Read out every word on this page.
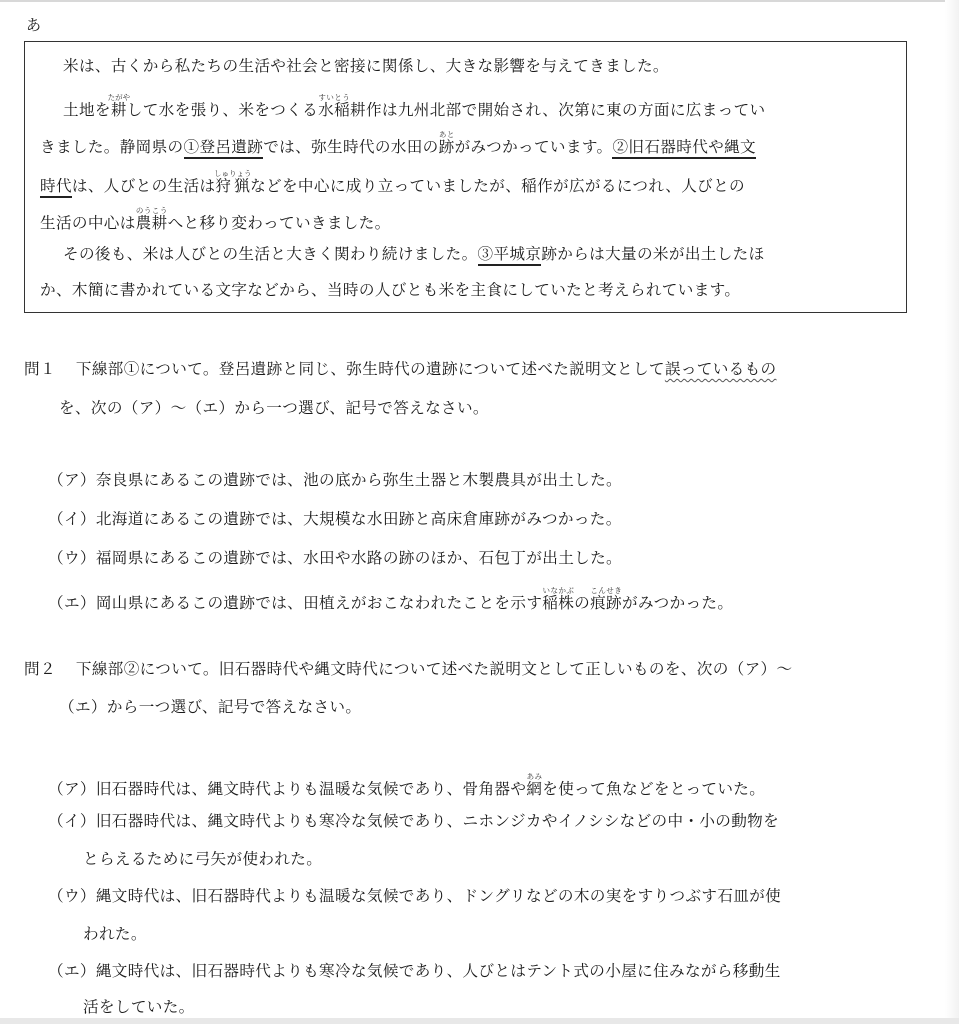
あ
米は、古くから私たちの生活や社会と密接に関係し、大きな影響を与えてきました。
土地を耕たがやして水を張り、米をつくる水稲すいとう耕作は九州北部で開始され、次第に東の方面に広まってい
きました。静岡県の①登呂遺跡では、弥生時代の水田の跡あとがみつかっています。②旧石器時代や縄文
時代は、人びとの生活は狩猟しゅりょうなどを中心に成り立っていましたが、稲作が広がるにつれ、人びとの
生活の中心は農耕のうこうへと移り変わっていきました。
その後も、米は人びとの生活と大きく関わり続けました。③平城京跡からは大量の米が出土したほ
か、木簡に書かれている文字などから、当時の人びとも米を主食にしていたと考えられています。
問１ 下線部①について。登呂遺跡と同じ、弥生時代の遺跡について述べた説明文として誤っているもの
を、次の（ア）～（エ）から一つ選び、記号で答えなさい。
（ア）奈良県にあるこの遺跡では、池の底から弥生土器と木製農具が出土した。
（イ）北海道にあるこの遺跡では、大規模な水田跡と高床倉庫跡がみつかった。
（ウ）福岡県にあるこの遺跡では、水田や水路の跡のほか、石包丁が出土した。
（エ）岡山県にあるこの遺跡では、田植えがおこなわれたことを示す稲株いなかぶの痕跡こんせきがみつかった。
問２ 下線部②について。旧石器時代や縄文時代について述べた説明文として正しいものを、次の（ア）～
（エ）から一つ選び、記号で答えなさい。
（ア）旧石器時代は、縄文時代よりも温暖な気候であり、骨角器や網あみを使って魚などをとっていた。
（イ）旧石器時代は、縄文時代よりも寒冷な気候であり、ニホンジカやイノシシなどの中・小の動物を
とらえるために弓矢が使われた。
（ウ）縄文時代は、旧石器時代よりも温暖な気候であり、ドングリなどの木の実をすりつぶす石皿が使
われた。
（エ）縄文時代は、旧石器時代よりも寒冷な気候であり、人びとはテント式の小屋に住みながら移動生
活をしていた。
